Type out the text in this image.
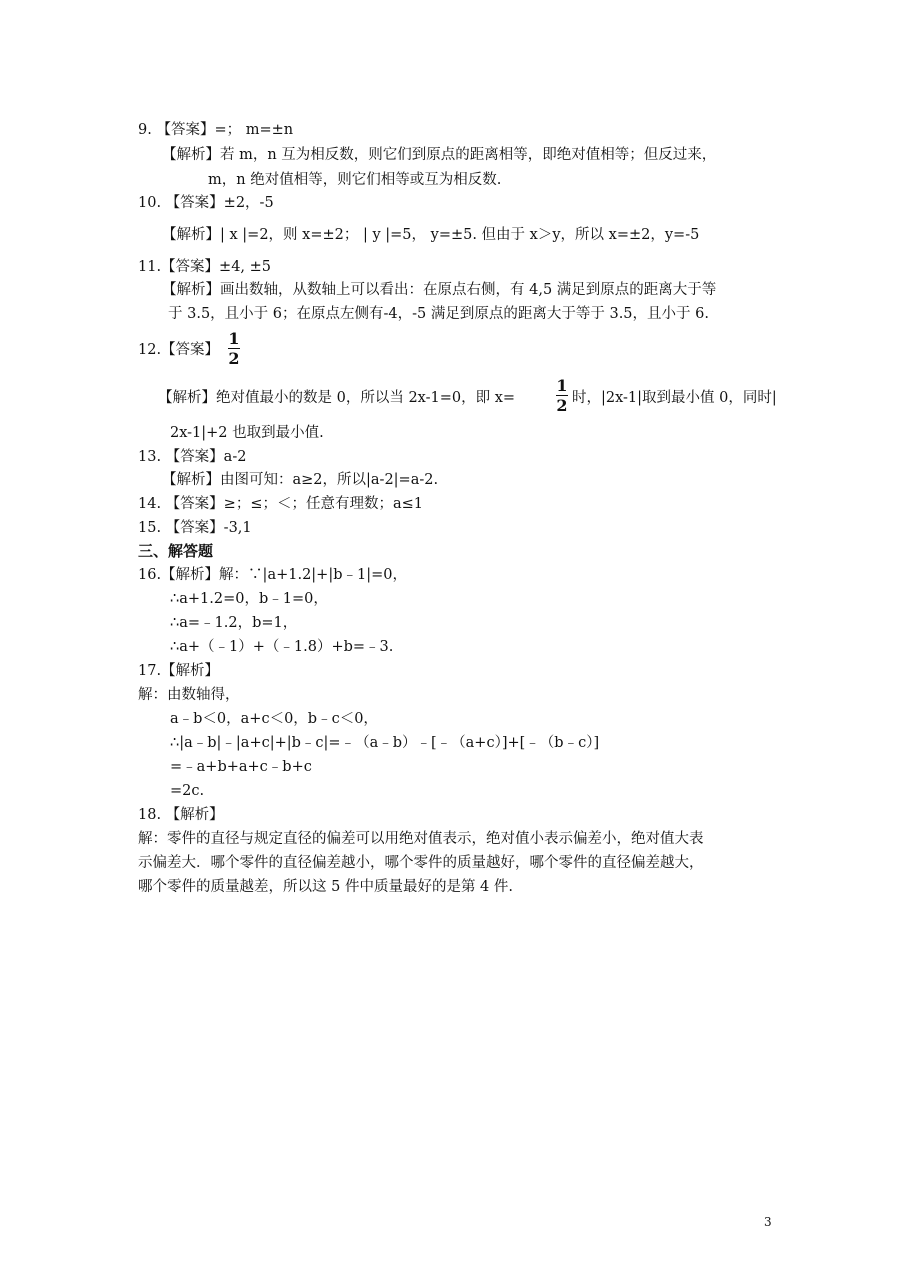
9. 【答案】=； m=±n
【解析】若 m，n 互为相反数，则它们到原点的距离相等，即绝对值相等；但反过来，
m，n 绝对值相等，则它们相等或互为相反数.
10. 【答案】±2，-5
【解析】| x |=2，则 x=±2； | y |=5， y=±5. 但由于 x＞y，所以 x=±2，y=-5
11.【答案】±4, ±5
【解析】画出数轴，从数轴上可以看出：在原点右侧，有 4,5 满足到原点的距离大于等
于 3.5，且小于 6；在原点左侧有-4，-5 满足到原点的距离大于等于 3.5，且小于 6.
12.【答案】
1
2
【解析】绝对值最小的数是 0，所以当 2x-1=0，即 x=
1
2 时，|2x-1|取到最小值 0，同时|
2x-1|+2 也取到最小值.
13. 【答案】a-2
【解析】由图可知：a≥2，所以|a-2|=a-2.
14. 【答案】≥；≤；＜；任意有理数；a≤1
15. 【答案】-3,1
三、解答题
16.【解析】解：∵|a+1.2|+|b﹣1|=0，
∴a+1.2=0，b﹣1=0，
∴a=﹣1.2，b=1，
∴a+（﹣1）+（﹣1.8）+b=﹣3.
17.【解析】
解：由数轴得，
a﹣b＜0，a+c＜0，b﹣c＜0，
∴|a﹣b|﹣|a+c|+|b﹣c|=﹣（a﹣b）﹣[﹣（a+c）]+[﹣（b﹣c）]
=﹣a+b+a+c﹣b+c
=2c.
18. 【解析】
解：零件的直径与规定直径的偏差可以用绝对值表示，绝对值小表示偏差小，绝对值大表
示偏差大．哪个零件的直径偏差越小，哪个零件的质量越好，哪个零件的直径偏差越大，
哪个零件的质量越差，所以这 5 件中质量最好的是第 4 件.
3
